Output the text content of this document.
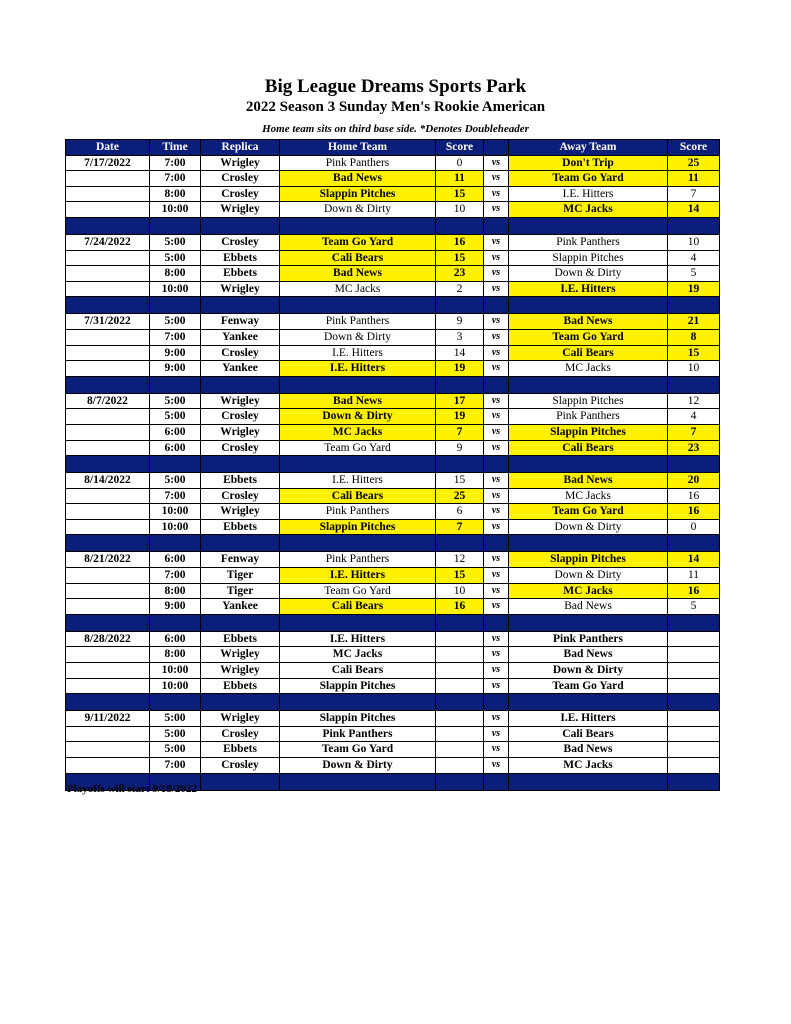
Big League Dreams Sports Park
2022 Season 3 Sunday Men's Rookie American
Home team sits on third base side. *Denotes Doubleheader
Date	Time	Replica	Home Team	Score		Away Team	Score
7/17/2022	7:00	Wrigley	Pink Panthers	0	vs	Don't Trip	25
	7:00	Crosley	Bad News	11	vs	Team Go Yard	11
	8:00	Crosley	Slappin Pitches	15	vs	I.E. Hitters	7
	10:00	Wrigley	Down & Dirty	10	vs	MC Jacks	14

7/24/2022	5:00	Crosley	Team Go Yard	16	vs	Pink Panthers	10
	5:00	Ebbets	Cali Bears	15	vs	Slappin Pitches	4
	8:00	Ebbets	Bad News	23	vs	Down & Dirty	5
	10:00	Wrigley	MC Jacks	2	vs	I.E. Hitters	19

7/31/2022	5:00	Fenway	Pink Panthers	9	vs	Bad News	21
	7:00	Yankee	Down & Dirty	3	vs	Team Go Yard	8
	9:00	Crosley	I.E. Hitters	14	vs	Cali Bears	15
	9:00	Yankee	I.E. Hitters	19	vs	MC Jacks	10

8/7/2022	5:00	Wrigley	Bad News	17	vs	Slappin Pitches	12
	5:00	Crosley	Down & Dirty	19	vs	Pink Panthers	4
	6:00	Wrigley	MC Jacks	7	vs	Slappin Pitches	7
	6:00	Crosley	Team Go Yard	9	vs	Cali Bears	23

8/14/2022	5:00	Ebbets	I.E. Hitters	15	vs	Bad News	20
	7:00	Crosley	Cali Bears	25	vs	MC Jacks	16
	10:00	Wrigley	Pink Panthers	6	vs	Team Go Yard	16
	10:00	Ebbets	Slappin Pitches	7	vs	Down & Dirty	0

8/21/2022	6:00	Fenway	Pink Panthers	12	vs	Slappin Pitches	14
	7:00	Tiger	I.E. Hitters	15	vs	Down & Dirty	11
	8:00	Tiger	Team Go Yard	10	vs	MC Jacks	16
	9:00	Yankee	Cali Bears	16	vs	Bad News	5

8/28/2022	6:00	Ebbets	I.E. Hitters		vs	Pink Panthers	
	8:00	Wrigley	MC Jacks		vs	Bad News	
	10:00	Wrigley	Cali Bears		vs	Down & Dirty	
	10:00	Ebbets	Slappin Pitches		vs	Team Go Yard	

9/11/2022	5:00	Wrigley	Slappin Pitches		vs	I.E. Hitters	
	5:00	Crosley	Pink Panthers		vs	Cali Bears	
	5:00	Ebbets	Team Go Yard		vs	Bad News	
	7:00	Crosley	Down & Dirty		vs	MC Jacks	

Playoffs will start 9/18/2022
